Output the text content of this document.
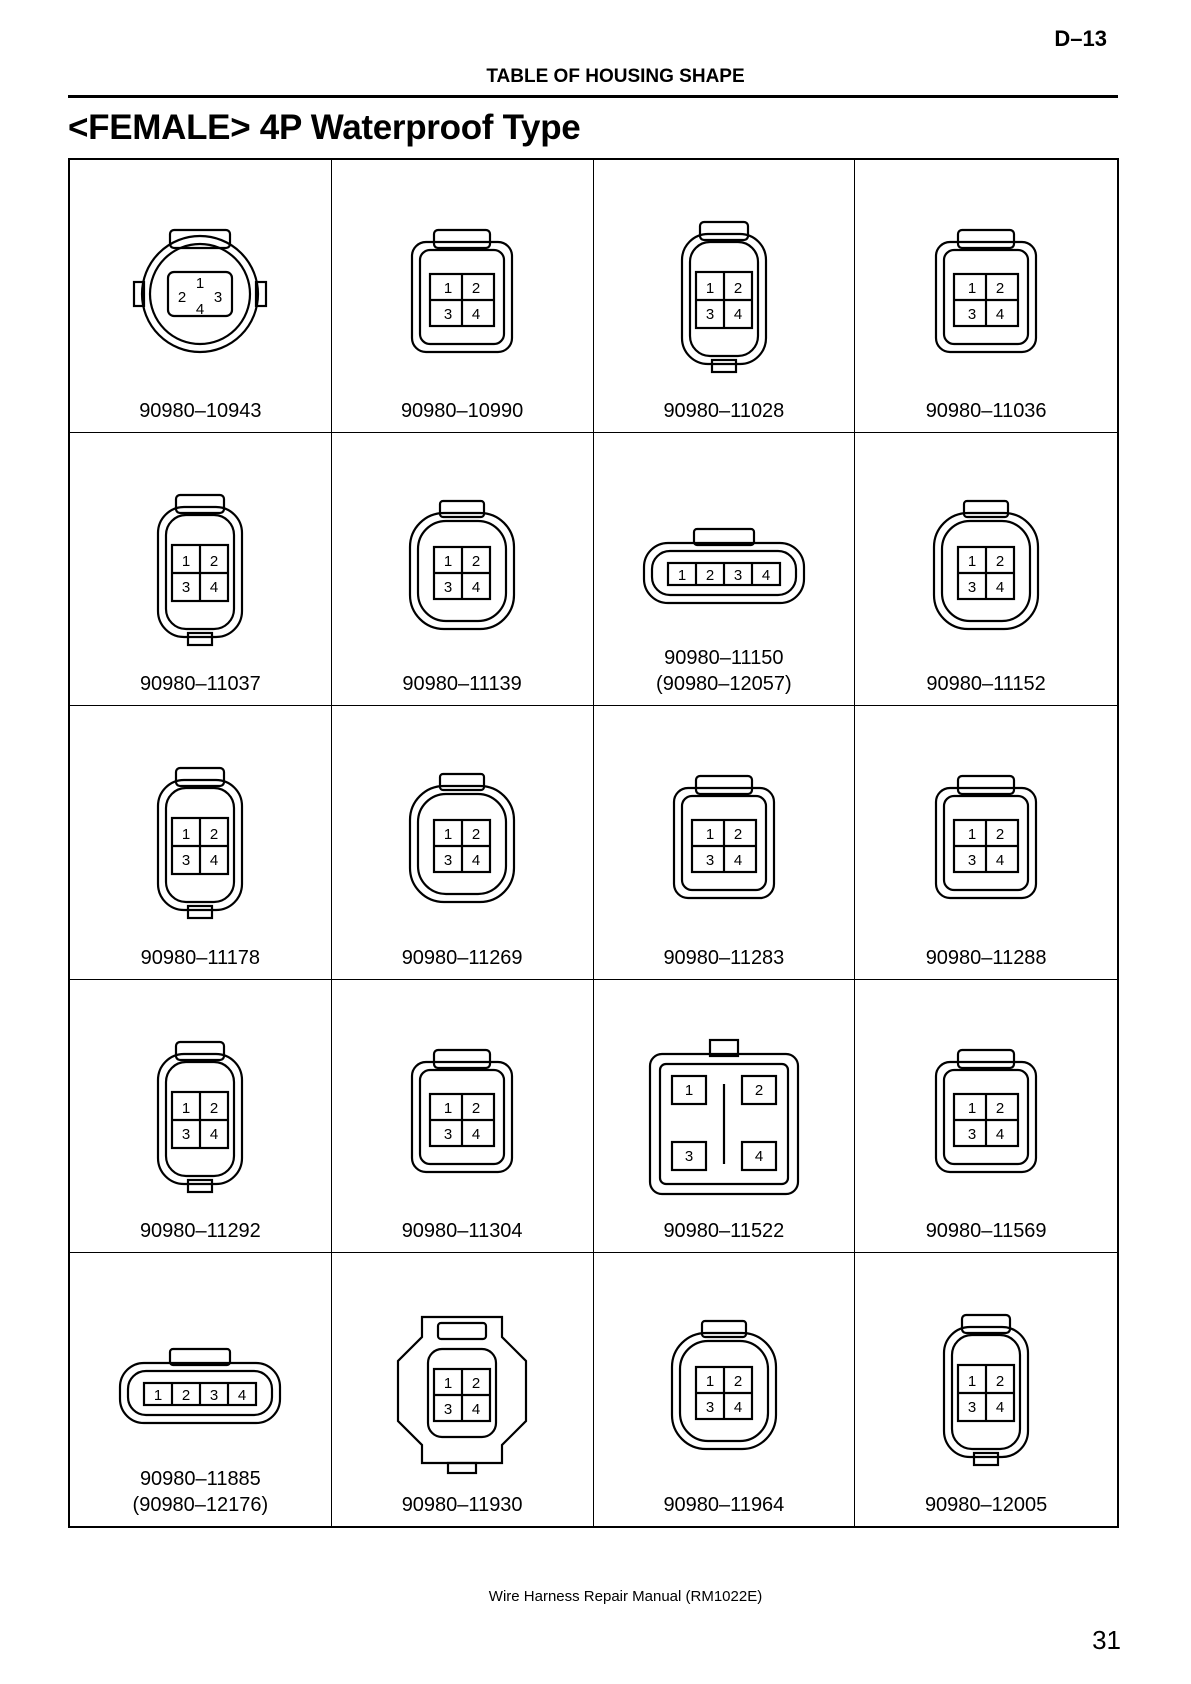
D–13
TABLE OF HOUSING SHAPE
<FEMALE> 4P Waterproof Type
1
2 3
4
90980–10943
1 2
3 4
90980–10990
1 2
3 4
90980–11028
1 2
3 4
90980–11036
1 2
3 4
90980–11037
1 2
3 4
90980–11139
1 2 3 4
90980–11150
(90980–12057)
1 2
3 4
90980–11152
1 2
3 4
90980–11178
1 2
3 4
90980–11269
1 2
3 4
90980–11283
1 2
3 4
90980–11288
1 2
3 4
90980–11292
1 2
3 4
90980–11304
1	2
3	4
90980–11522
1 2
3 4
90980–11569
1 2 3 4
90980–11885
(90980–12176)
1 2
3 4
90980–11930
1 2
3 4
90980–11964
1 2
3 4
90980–12005
Wire Harness Repair Manual (RM1022E)
31
